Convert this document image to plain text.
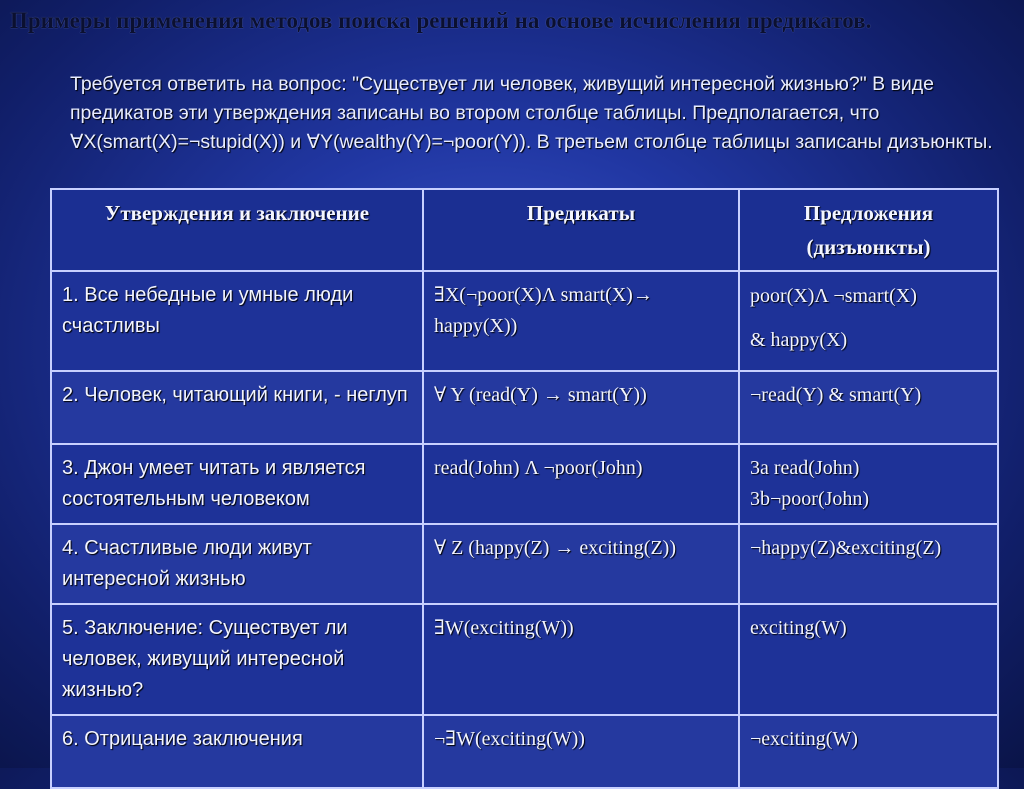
Примеры применения методов поиска решений на основе исчисления предикатов.
Требуется ответить на вопрос: "Существует ли человек, живущий интересной жизнью?" В виде предикатов эти утверждения записаны во втором столбце таблицы. Предполагается, что ∀X(smart(X)=¬stupid(X)) и ∀Y(wealthy(Y)=¬poor(Y)). В третьем столбце таблицы записаны дизъюнкты.
Утверждения и заключение	Предикаты	Предложения (дизъюнкты)
1. Все небедные и умные люди счастливы	∃X(¬poor(X)Λ smart(X)→ happy(X))	poor(X)Λ ¬smart(X)
& happy(X)

2. Человек, читающий книги, - неглуп	∀ Y (read(Y) → smart(Y))	¬read(Y) & smart(Y)
3. Джон умеет читать и является состоятельным человеком	read(John) Λ ¬poor(John)	3a read(John)
3b¬poor(John)

4. Счастливые люди живут интересной жизнью	∀ Z (happy(Z) → exciting(Z))	¬happy(Z)&exciting(Z)
5. Заключение: Существует ли человек, живущий интересной жизнью?	∃W(exciting(W))	exciting(W)
6. Отрицание заключения	¬∃W(exciting(W))	¬exciting(W)
